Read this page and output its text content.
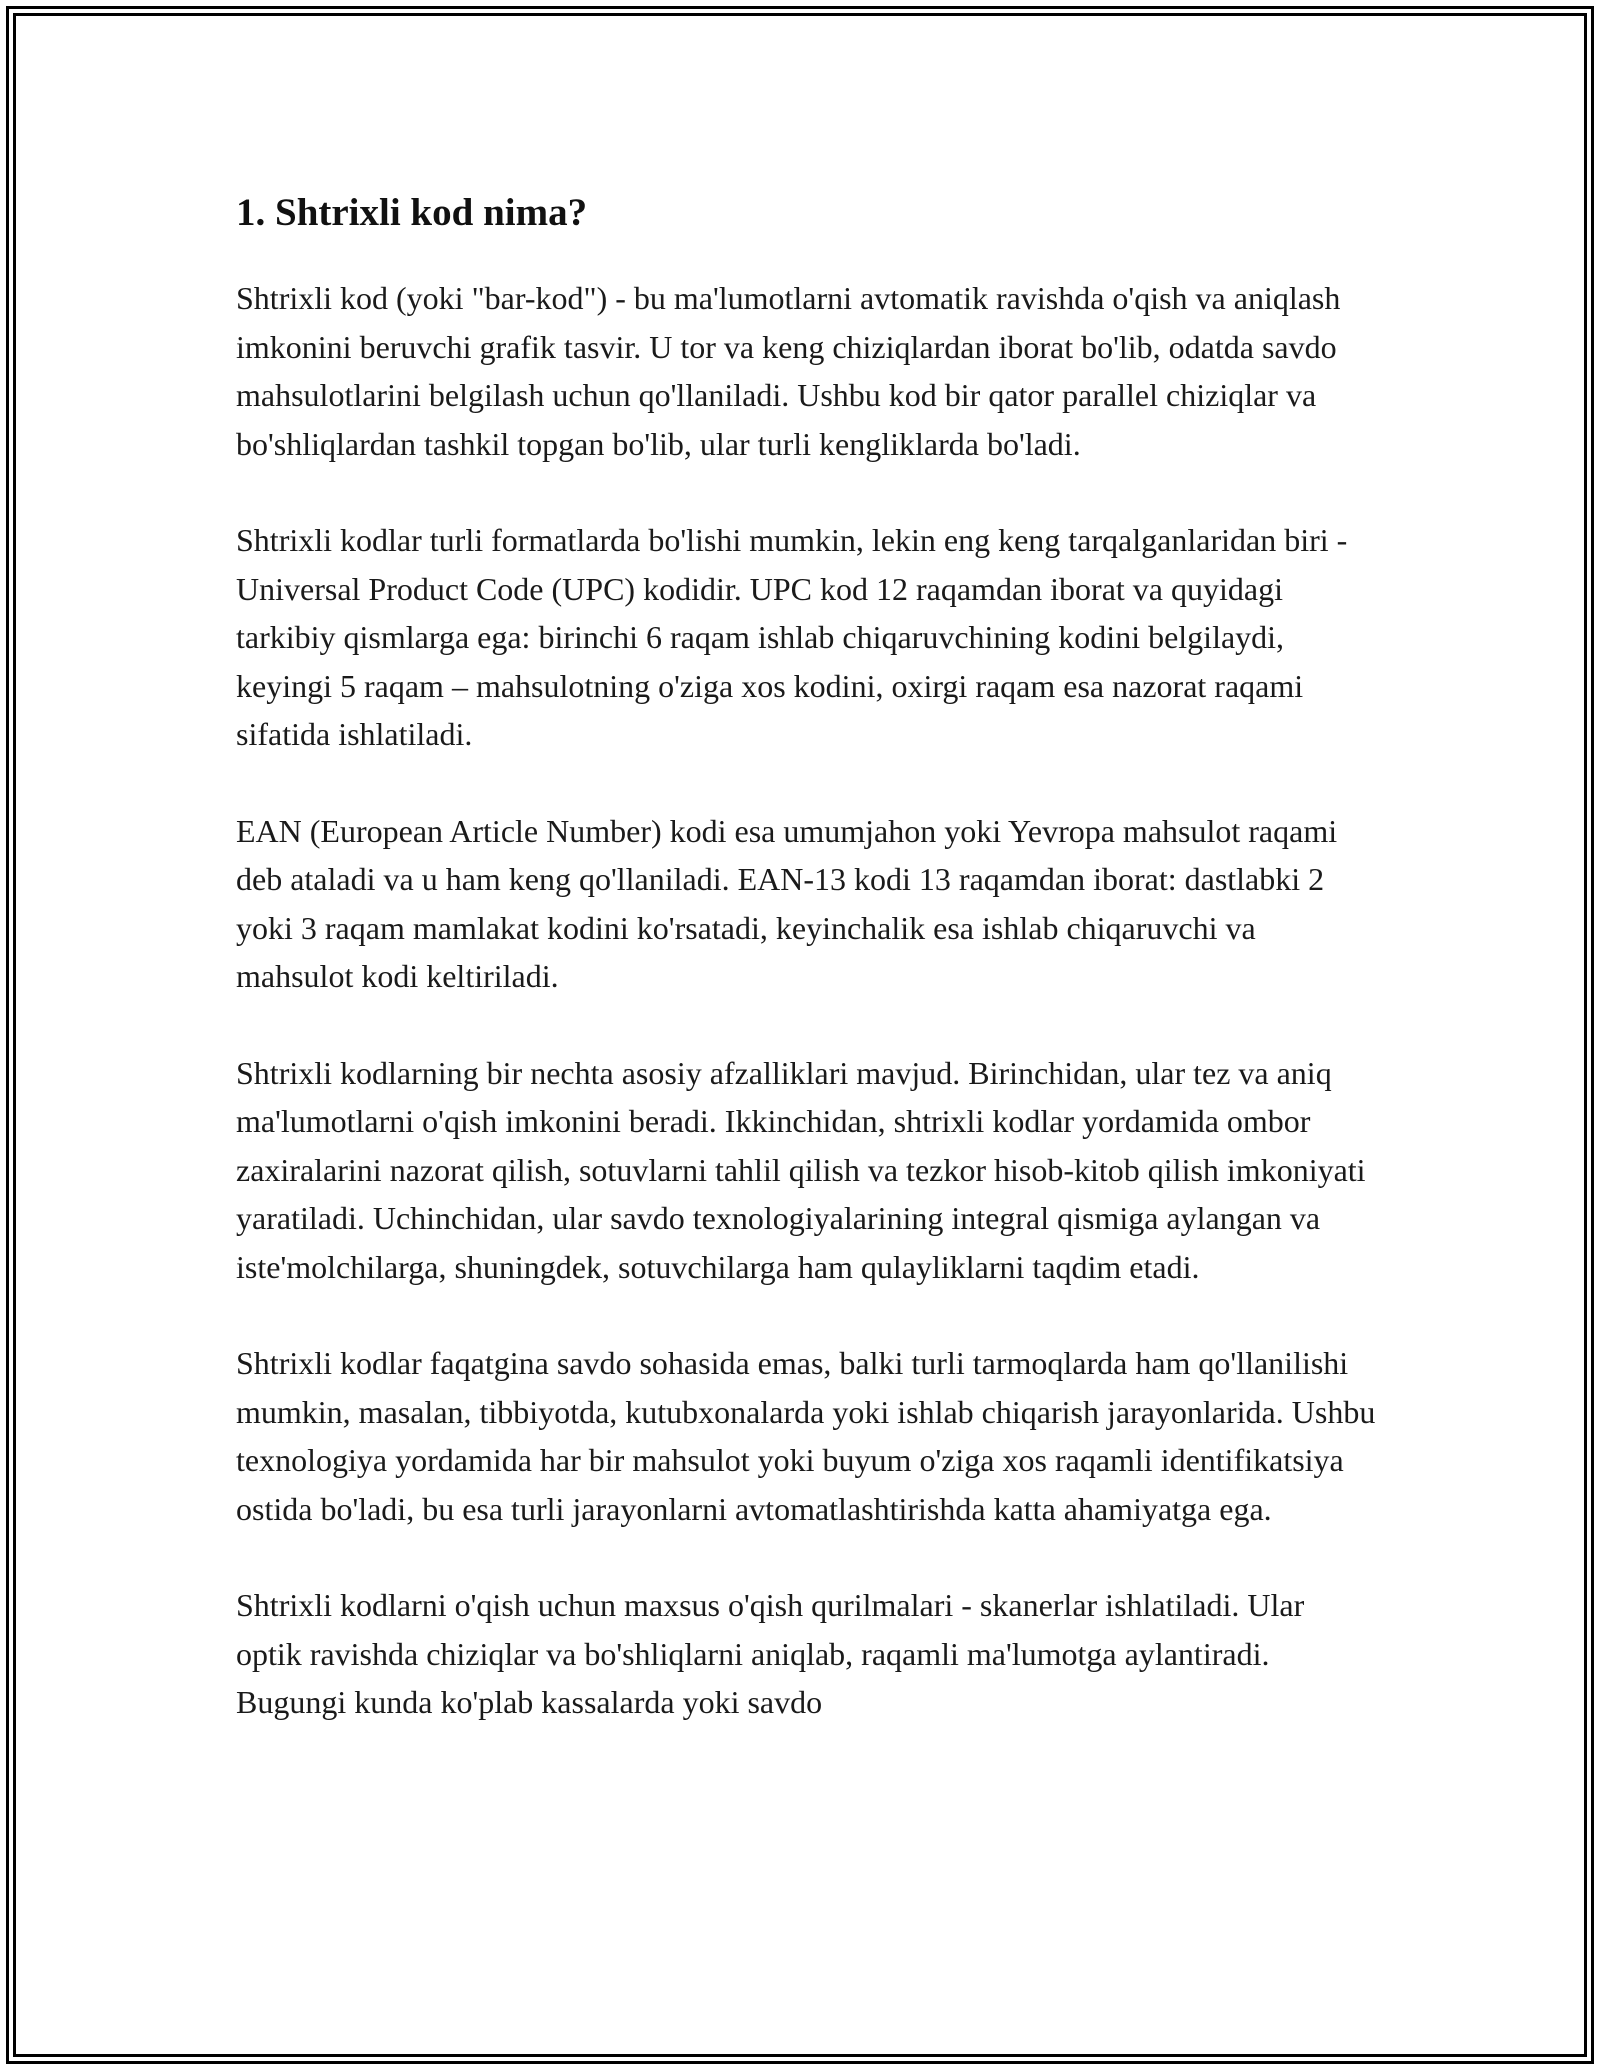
1. Shtrixli kod nima?

Shtrixli kod (yoki "bar-kod") - bu ma'lumotlarni avtomatik ravishda o'qish va aniqlash imkonini beruvchi grafik tasvir. U tor va keng chiziqlardan iborat bo'lib, odatda savdo mahsulotlarini belgilash uchun qo'llaniladi. Ushbu kod bir qator parallel chiziqlar va bo'shliqlardan tashkil topgan bo'lib, ular turli kengliklarda bo'ladi.

Shtrixli kodlar turli formatlarda bo'lishi mumkin, lekin eng keng tarqalganlaridan biri - Universal Product Code (UPC) kodidir. UPC kod 12 raqamdan iborat va quyidagi tarkibiy qismlarga ega: birinchi 6 raqam ishlab chiqaruvchining kodini belgilaydi, keyingi 5 raqam – mahsulotning o'ziga xos kodini, oxirgi raqam esa nazorat raqami sifatida ishlatiladi.

EAN (European Article Number) kodi esa umumjahon yoki Yevropa mahsulot raqami deb ataladi va u ham keng qo'llaniladi. EAN-13 kodi 13 raqamdan iborat: dastlabki 2 yoki 3 raqam mamlakat kodini ko'rsatadi, keyinchalik esa ishlab chiqaruvchi va mahsulot kodi keltiriladi.

Shtrixli kodlarning bir nechta asosiy afzalliklari mavjud. Birinchidan, ular tez va aniq ma'lumotlarni o'qish imkonini beradi. Ikkinchidan, shtrixli kodlar yordamida ombor zaxiralarini nazorat qilish, sotuvlarni tahlil qilish va tezkor hisob-kitob qilish imkoniyati yaratiladi. Uchinchidan, ular savdo texnologiyalarining integral qismiga aylangan va iste'molchilarga, shuningdek, sotuvchilarga ham qulayliklarni taqdim etadi.

Shtrixli kodlar faqatgina savdo sohasida emas, balki turli tarmoqlarda ham qo'llanilishi mumkin, masalan, tibbiyotda, kutubxonalarda yoki ishlab chiqarish jarayonlarida. Ushbu texnologiya yordamida har bir mahsulot yoki buyum o'ziga xos raqamli identifikatsiya ostida bo'ladi, bu esa turli jarayonlarni avtomatlashtirishda katta ahamiyatga ega.

Shtrixli kodlarni o'qish uchun maxsus o'qish qurilmalari - skanerlar ishlatiladi. Ular optik ravishda chiziqlar va bo'shliqlarni aniqlab, raqamli ma'lumotga aylantiradi. Bugungi kunda ko'plab kassalarda yoki savdo
